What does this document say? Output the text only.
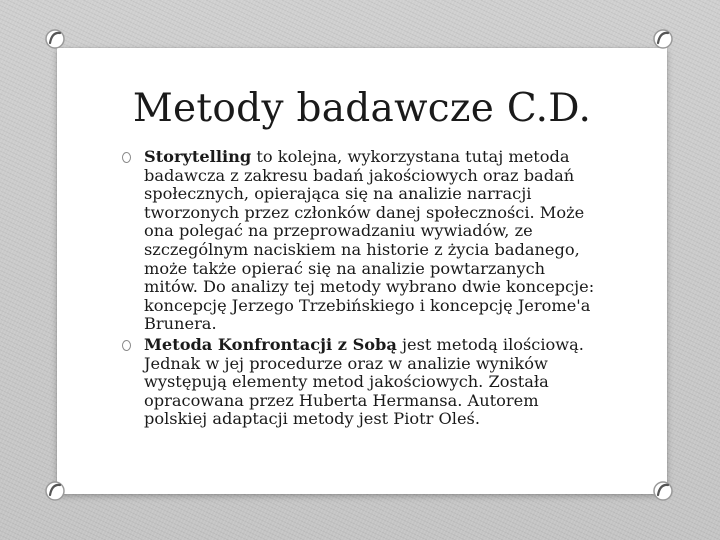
Metody badawcze C.D.
Storytelling to kolejna, wykorzystana tutaj metoda badawcza z zakresu badań jakościowych oraz badań społecznych, opierająca się na analizie narracji tworzonych przez członków danej społeczności. Może ona polegać na przeprowadzaniu wywiadów, ze szczególnym naciskiem na historie z życia badanego, może także opierać się na analizie powtarzanych mitów. Do analizy tej metody wybrano dwie koncepcje: koncepcję Jerzego Trzebińskiego i koncepcję Jerome'a Brunera.
Metoda Konfrontacji z Sobą jest metodą ilościową. Jednak w jej procedurze oraz w analizie wyników występują elementy metod jakościowych. Została opracowana przez Huberta Hermansa. Autorem polskiej adaptacji metody jest Piotr Oleś.
